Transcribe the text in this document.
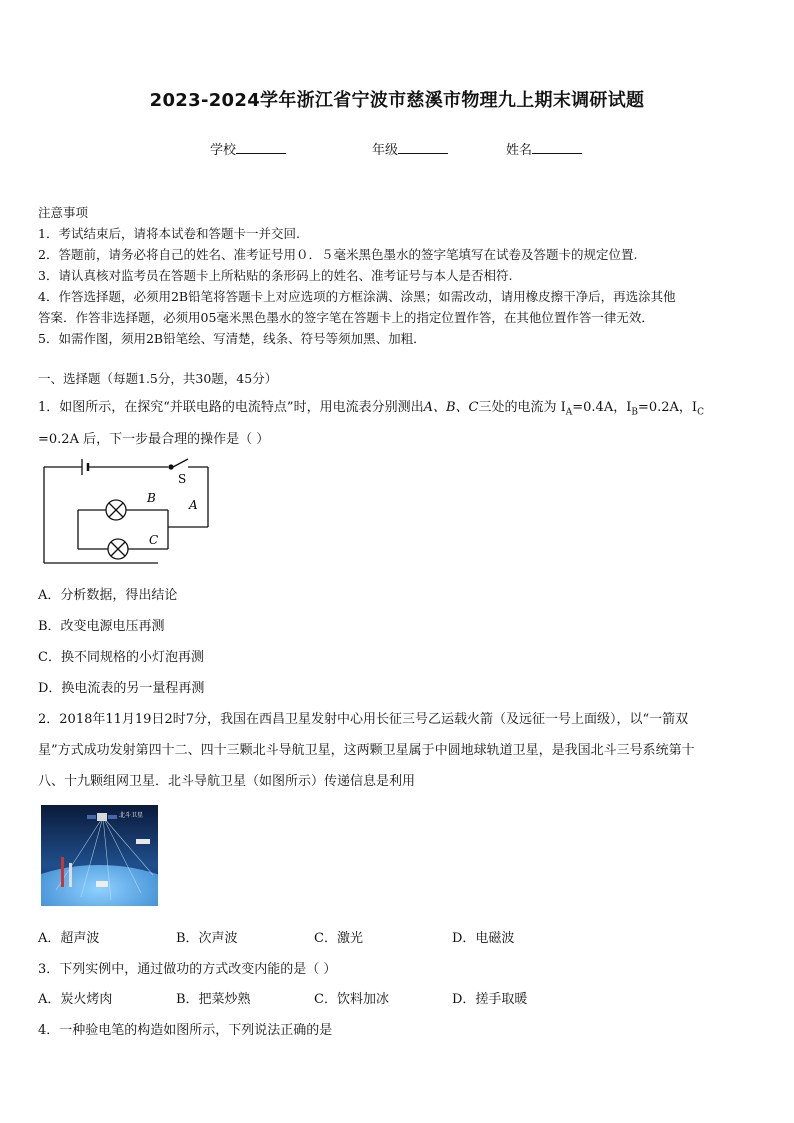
2023-2024学年浙江省宁波市慈溪市物理九上期末调研试题
学校	年级	姓名
注意事项
1．考试结束后，请将本试卷和答题卡一并交回.
2．答题前，请务必将自己的姓名、准考证号用０．５毫米黑色墨水的签字笔填写在试卷及答题卡的规定位置.
3．请认真核对监考员在答题卡上所粘贴的条形码上的姓名、准考证号与本人是否相符.
4．作答选择题，必须用2B铅笔将答题卡上对应选项的方框涂满、涂黑；如需改动，请用橡皮擦干净后，再选涂其他
答案．作答非选择题，必须用05毫米黑色墨水的签字笔在答题卡上的指定位置作答，在其他位置作答一律无效．
5．如需作图，须用2B铅笔绘、写清楚，线条、符号等须加黑、加粗．
一、选择题（每题1.5分，共30题，45分）
1．如图所示，在探究“并联电路的电流特点”时，用电流表分别测出A、B、C三处的电流为 $I_A=0.4A$，$I_B=0.2A$，$I_C$
=0.2A 后，下一步最合理的操作是（ ）
S
A
B
C
A．分析数据，得出结论
B．改变电源电压再测
C．换不同规格的小灯泡再测
D．换电流表的另一量程再测
2．2018年11月19日2时7分，我国在西昌卫星发射中心用长征三号乙运载火箭（及远征一号上面级），以“一箭双
星”方式成功发射第四十二、四十三颗北斗导航卫星，这两颗卫星属于中圆地球轨道卫星，是我国北斗三号系统第十
八、十九颗组网卫星．北斗导航卫星（如图所示）传递信息是利用
北斗卫星
A．超声波	B．次声波	C．激光	D．电磁波
3．下列实例中，通过做功的方式改变内能的是（ ）
A．炭火烤肉	B．把菜炒熟	C．饮料加冰	D．搓手取暖
4．一种验电笔的构造如图所示，下列说法正确的是
